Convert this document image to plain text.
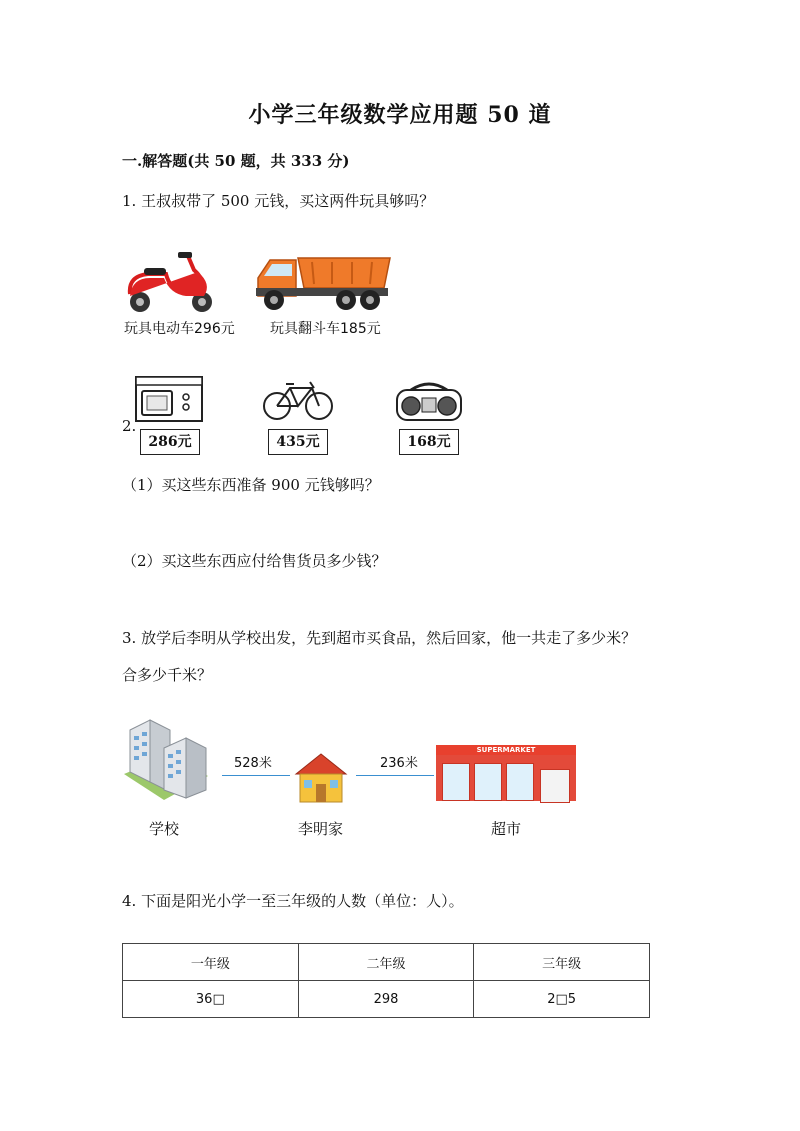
小学三年级数学应用题 50 道
一.解答题(共 50 题，共 333 分)
1. 王叔叔带了 500 元钱，买这两件玩具够吗？
玩具电动车296元	玩具翻斗车185元
2.
286元	435元	168元
（1）买这些东西准备 900 元钱够吗？
（2）买这些东西应付给售货员多少钱？
3. 放学后李明从学校出发，先到超市买食品，然后回家，他一共走了多少米？
合多少千米？
528米	236米
SUPERMARKET
学校	李明家	超市
4. 下面是阳光小学一至三年级的人数（单位：人）。
一年级	二年级	三年级
36□	298	2□5
